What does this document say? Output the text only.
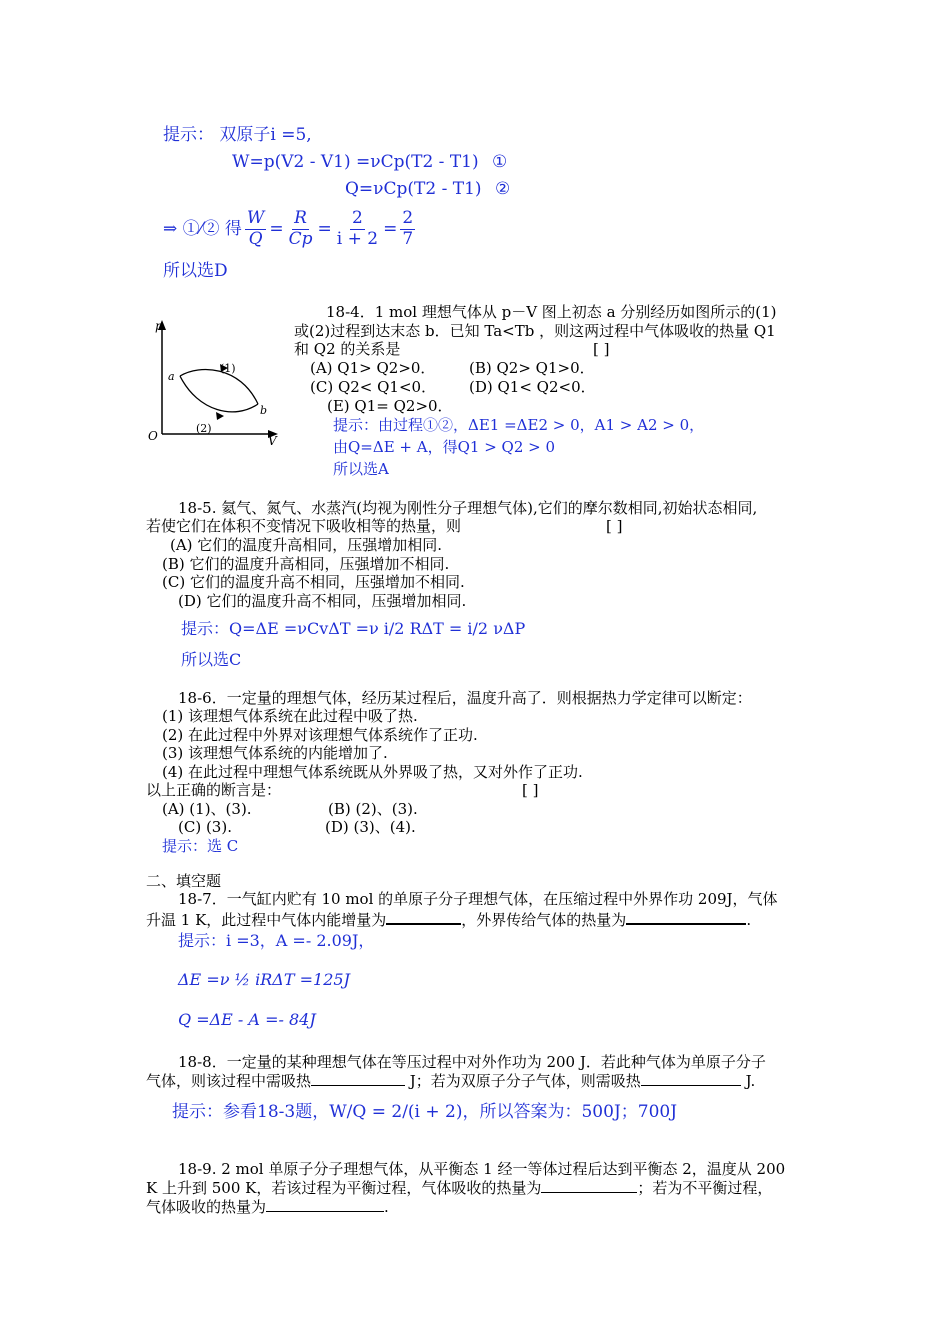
提示： 双原子i =5,
W=p(V2 - V1) =νCp(T2 - T1) ①
Q=νCp(T2 - T1) ②
⇒ ①⁄② 得 $\frac{W}{Q} = \frac{R}{Cp} = \frac{2}{i + 2} = \frac{2}{7}$
所以选D
p
V
O
a
b
(1)
(2)
18-4．1 mol 理想气体从 p－V 图上初态 a 分别经历如图所示的(1)
或(2)过程到达末态 b．已知 Ta<Tb ，则这两过程中气体吸收的热量 Q1
和 Q2 的关系是	[ ]
(A) Q1> Q2>0． (B) Q2> Q1>0．
(C) Q2< Q1<0． (D) Q1< Q2<0．
(E) Q1= Q2>0．
提示：由过程①②，ΔE1 =ΔE2 > 0，A1 > A2 > 0，
由Q=ΔE + A，得Q1 > Q2 > 0
所以选A
18-5. 氦气、氮气、水蒸汽(均视为刚性分子理想气体),它们的摩尔数相同,初始状态相同,
若使它们在体积不变情况下吸收相等的热量，则	[ ]
(A) 它们的温度升高相同，压强增加相同.
(B) 它们的温度升高相同，压强增加不相同.
(C) 它们的温度升高不相同，压强增加不相同.
(D) 它们的温度升高不相同，压强增加相同.
提示：Q=ΔE =νCvΔT =ν i/2 RΔT = i/2 νΔP
所以选C
18-6．一定量的理想气体，经历某过程后，温度升高了．则根据热力学定律可以断定：
(1) 该理想气体系统在此过程中吸了热.
(2) 在此过程中外界对该理想气体系统作了正功.
(3) 该理想气体系统的内能增加了.
(4) 在此过程中理想气体系统既从外界吸了热，又对外作了正功.
以上正确的断言是：	[ ]
(A) (1)、(3).	(B) (2)、(3).
(C) (3).	(D) (3)、(4).
提示：选 C
二、填空题
18-7．一气缸内贮有 10 mol 的单原子分子理想气体，在压缩过程中外界作功 209J，气体
升温 1 K，此过程中气体内能增量为	，外界传给气体的热量为	.
提示：i =3，A =- 2.09J，
ΔE =ν ½ iRΔT =125J
Q =ΔE - A =- 84J
18-8．一定量的某种理想气体在等压过程中对外作功为 200 J．若此种气体为单原子分子
气体，则该过程中需吸热	J；若为双原子分子气体，则需吸热	J.
提示：参看18-3题，W/Q = 2/(i + 2)，所以答案为：500J；700J
18-9. 2 mol 单原子分子理想气体，从平衡态 1 经一等体过程后达到平衡态 2，温度从 200
K 上升到 500 K，若该过程为平衡过程，气体吸收的热量为	；若为不平衡过程，
气体吸收的热量为	.
